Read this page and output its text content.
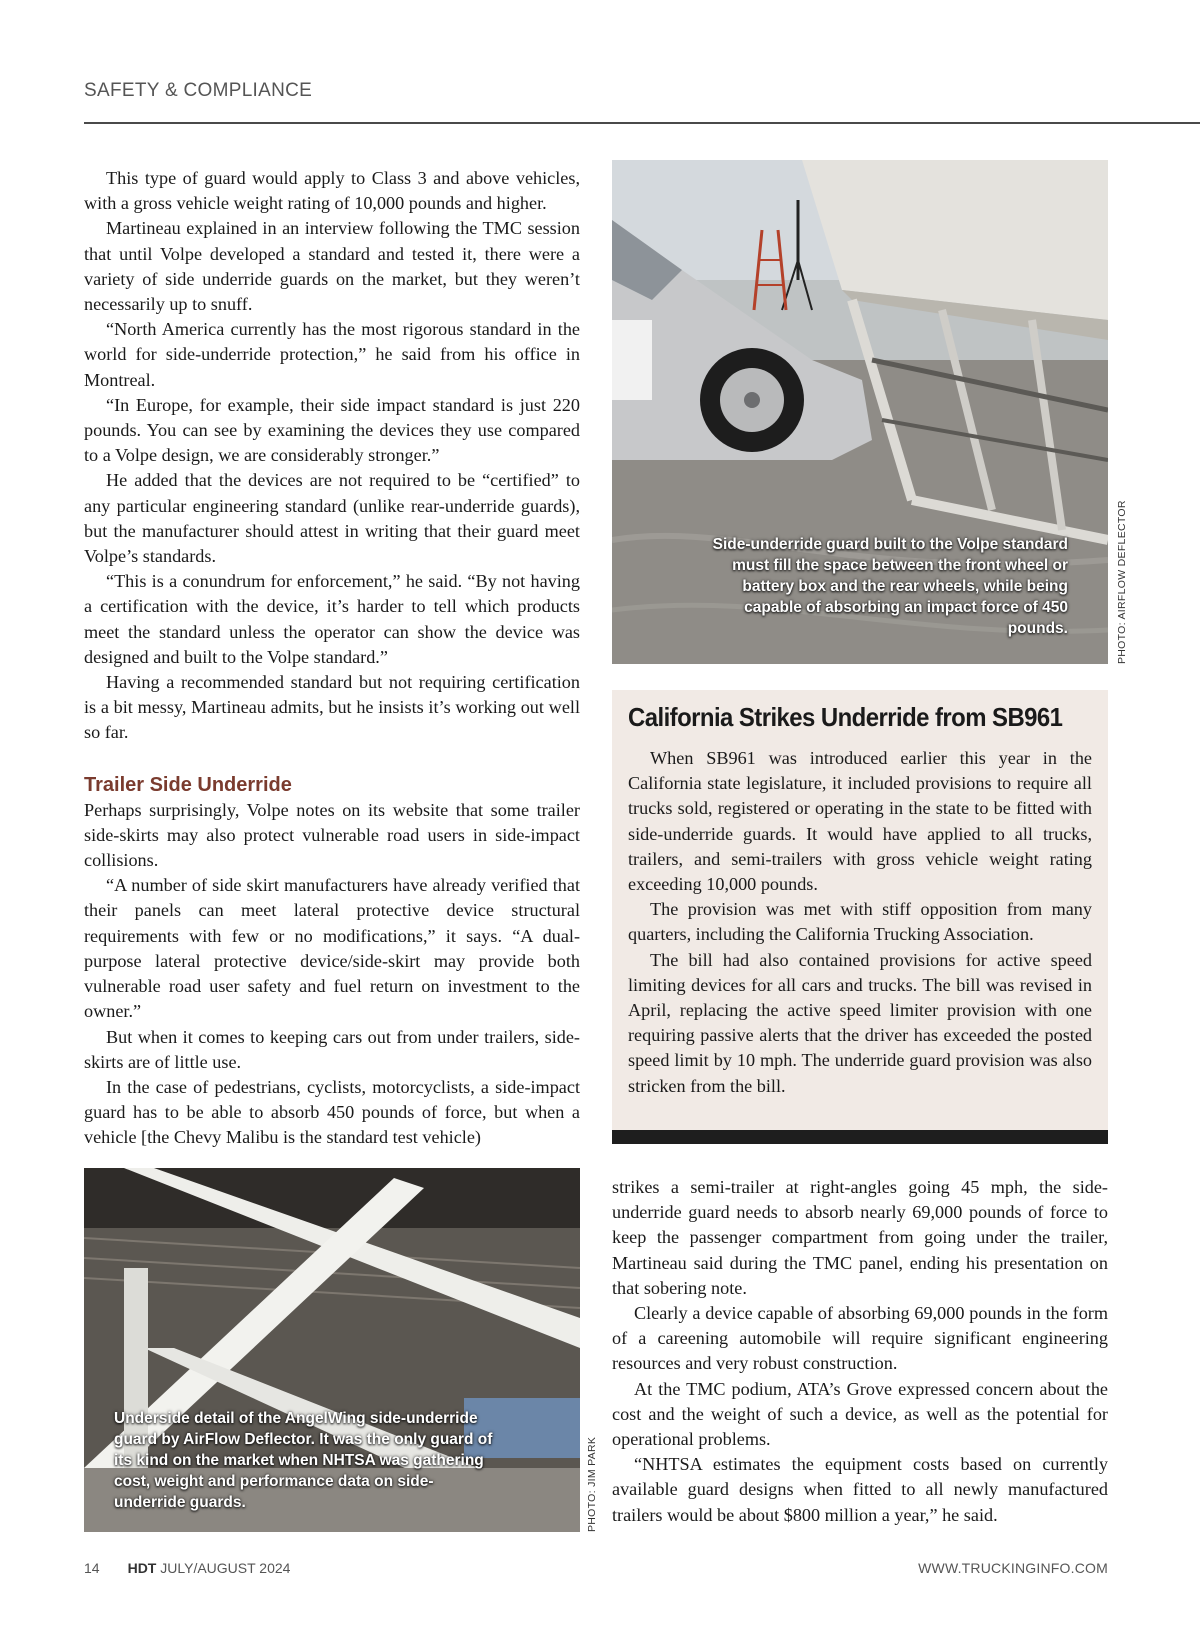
SAFETY & COMPLIANCE

This type of guard would apply to Class 3 and above vehicles, with a gross vehicle weight rating of 10,000 pounds and higher.

Martineau explained in an interview following the TMC session that until Volpe developed a standard and tested it, there were a variety of side underride guards on the market, but they weren’t necessarily up to snuff.

“North America currently has the most rigorous standard in the world for side-underride protection,” he said from his office in Montreal.

“In Europe, for example, their side impact standard is just 220 pounds. You can see by examining the devices they use compared to a Volpe design, we are considerably stronger.”

He added that the devices are not required to be “certified” to any particular engineering standard (unlike rear-underride guards), but the manufacturer should attest in writing that their guard meet Volpe’s standards.

“This is a conundrum for enforcement,” he said. “By not having a certification with the device, it’s harder to tell which products meet the standard unless the operator can show the device was designed and built to the Volpe standard.”

Having a recommended standard but not requiring certification is a bit messy, Martineau admits, but he insists it’s working out well so far.

Trailer Side Underride

Perhaps surprisingly, Volpe notes on its website that some trailer side-skirts may also protect vulnerable road users in side-impact collisions.

“A number of side skirt manufacturers have already verified that their panels can meet lateral protective device structural requirements with few or no modifications,” it says. “A dual-purpose lateral protective device/side-skirt may provide both vulnerable road user safety and fuel return on investment to the owner.”

But when it comes to keeping cars out from under trailers, side-skirts are of little use.

In the case of pedestrians, cyclists, motorcyclists, a side-impact guard has to be able to absorb 450 pounds of force, but when a vehicle [the Chevy Malibu is the standard test vehicle)

Side-underride guard built to the Volpe standard must fill the space between the front wheel or battery box and the rear wheels, while being capable of absorbing an impact force of 450 pounds.	PHOTO: AIRFLOW DEFLECTOR
California Strikes Underride from SB961

When SB961 was introduced earlier this year in the California state legislature, it included provisions to require all trucks sold, registered or operating in the state to be fitted with side-underride guards. It would have applied to all trucks, trailers, and semi-trailers with gross vehicle weight rating exceeding 10,000 pounds.

The provision was met with stiff opposition from many quarters, including the California Trucking Association.

The bill had also contained provisions for active speed limiting devices for all cars and trucks. The bill was revised in April, replacing the active speed limiter provision with one requiring passive alerts that the driver has exceeded the posted speed limit by 10 mph. The underride guard provision was also stricken from the bill.

Underside detail of the AngelWing side-underride guard by AirFlow Deflector. It was the only guard of its kind on the market when NHTSA was gathering cost, weight and performance data on side-underride guards.	PHOTO: JIM PARK

strikes a semi-trailer at right-angles going 45 mph, the side-underride guard needs to absorb nearly 69,000 pounds of force to keep the passenger compartment from going under the trailer, Martineau said during the TMC panel, ending his presentation on that sobering note.

Clearly a device capable of absorbing 69,000 pounds in the form of a careening automobile will require significant engineering resources and very robust construction.

At the TMC podium, ATA’s Grove expressed concern about the cost and the weight of such a device, as well as the potential for operational problems.

“NHTSA estimates the equipment costs based on currently available guard designs when fitted to all newly manufactured trailers would be about $800 million a year,” he said.

14 HDT JULY/AUGUST 2024	WWW.TRUCKINGINFO.COM
